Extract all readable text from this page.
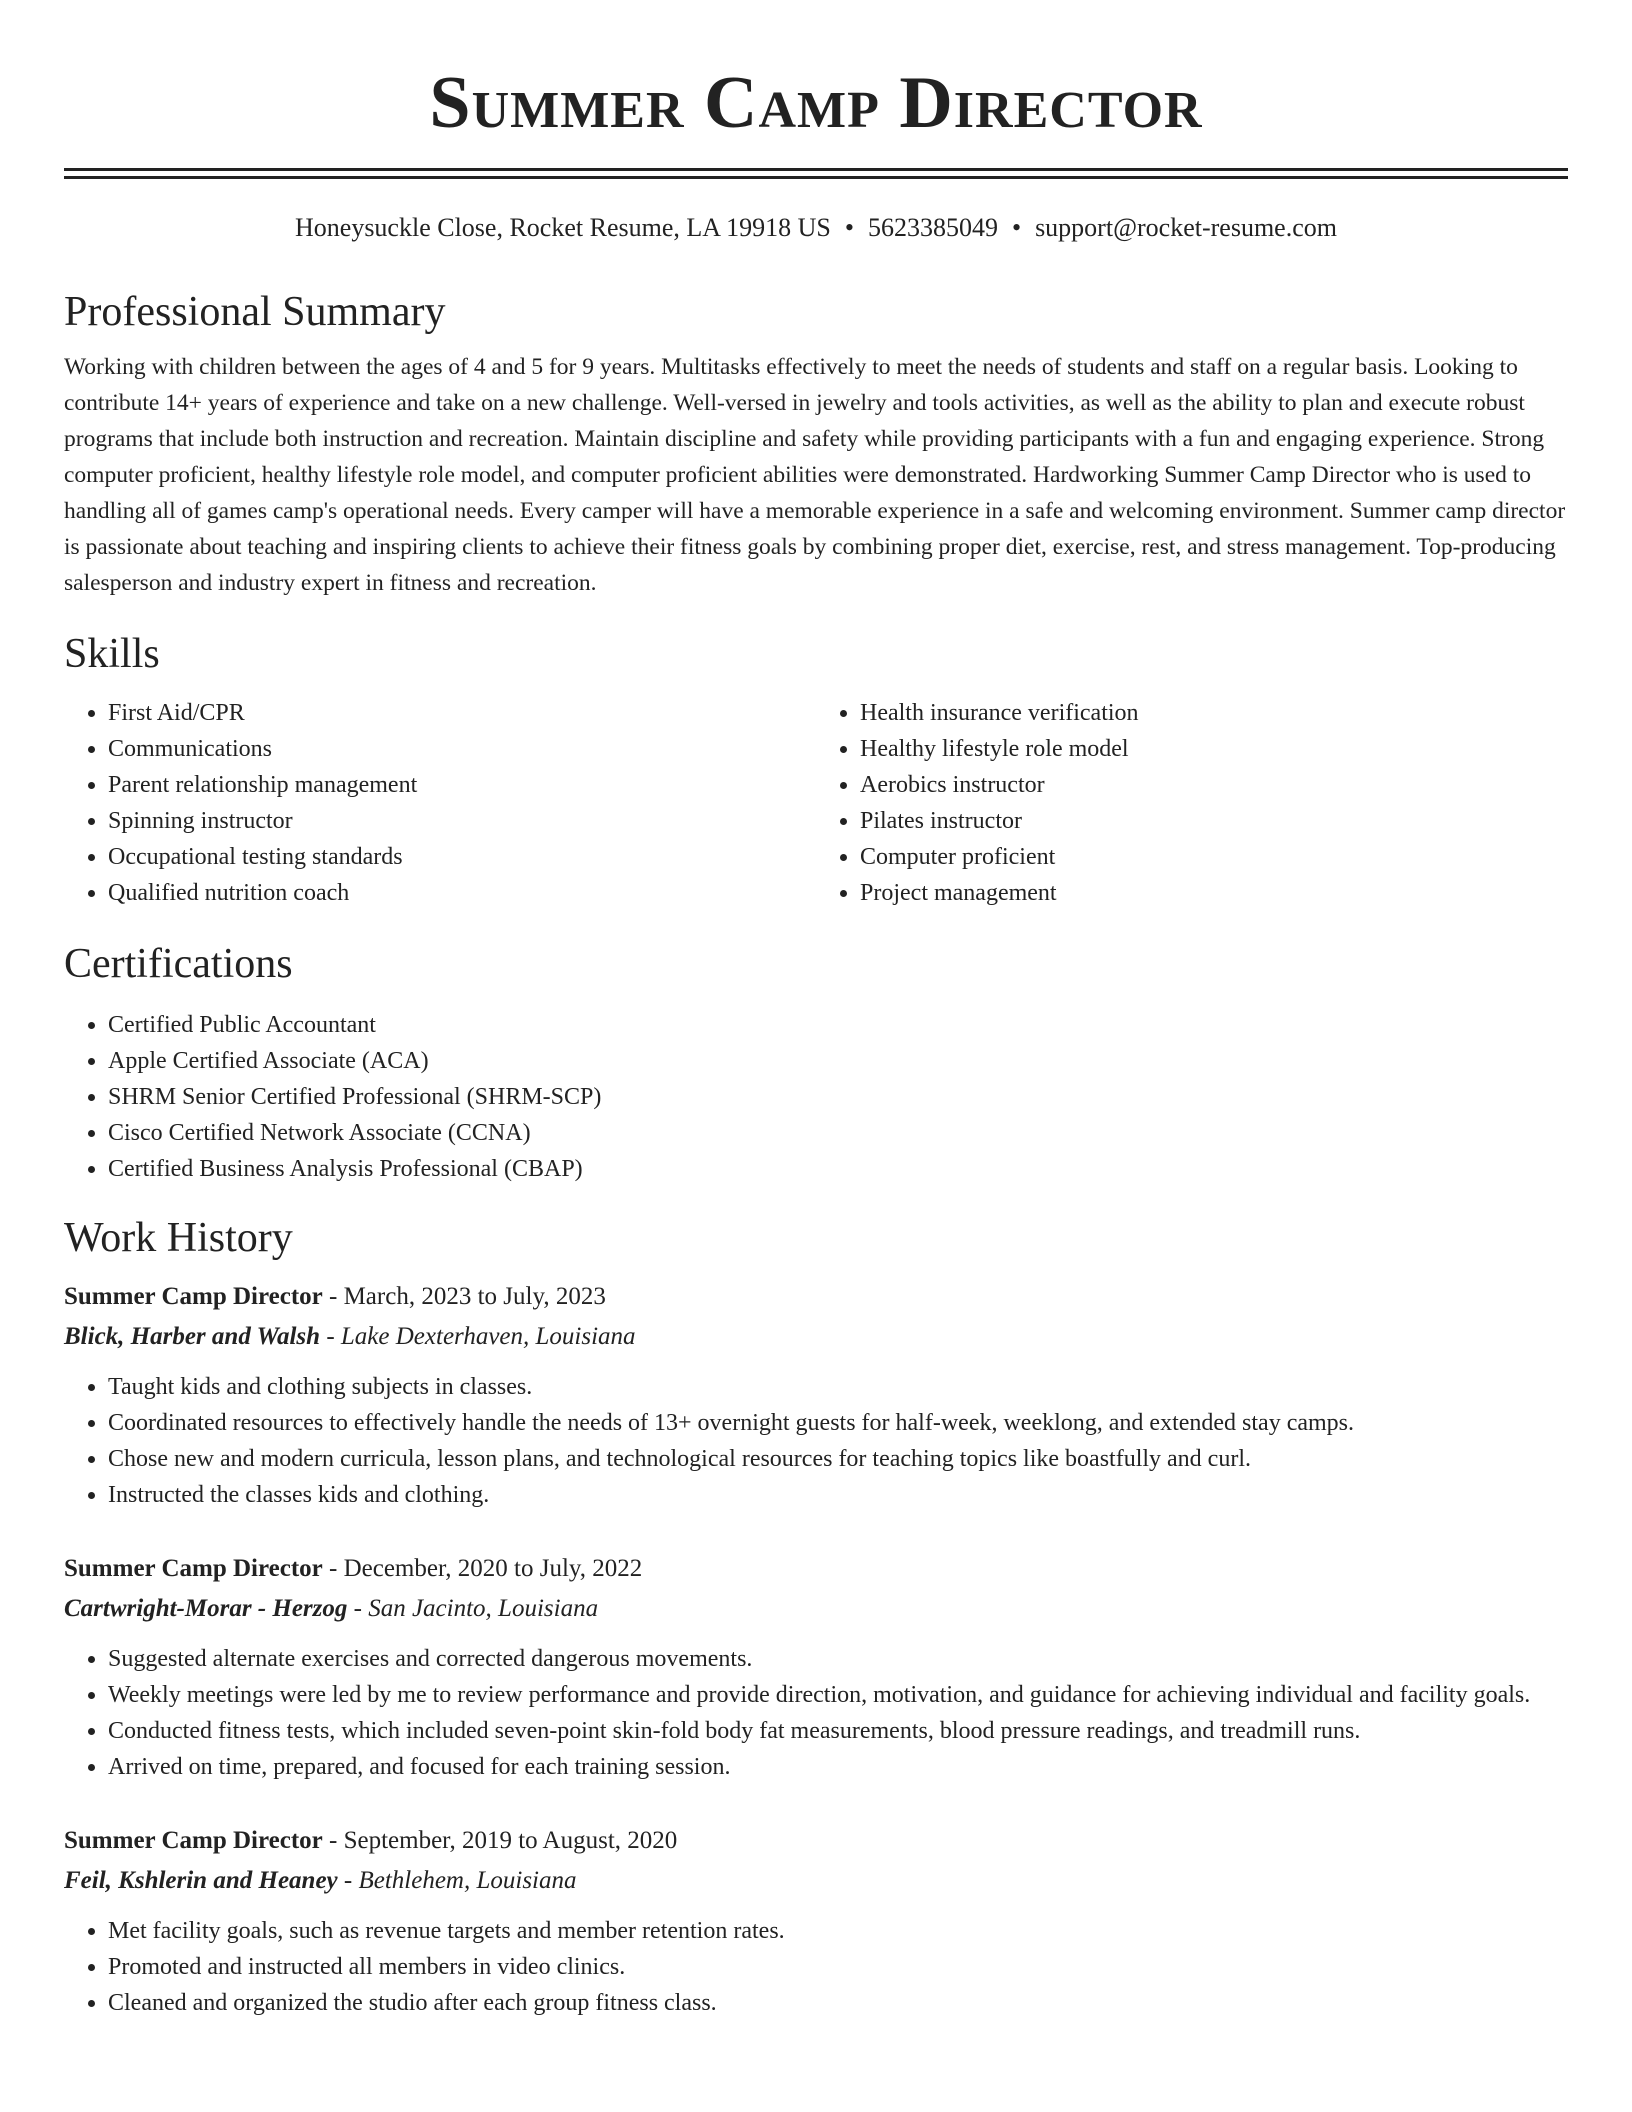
Summer Camp Director
Honeysuckle Close, Rocket Resume, LA 19918 US • 5623385049 • support@rocket-resume.com
Professional Summary
Working with children between the ages of 4 and 5 for 9 years. Multitasks effectively to meet the needs of students and staff on a regular basis. Looking to contribute 14+ years of experience and take on a new challenge. Well-versed in jewelry and tools activities, as well as the ability to plan and execute robust programs that include both instruction and recreation. Maintain discipline and safety while providing participants with a fun and engaging experience. Strong computer proficient, healthy lifestyle role model, and computer proficient abilities were demonstrated. Hardworking Summer Camp Director who is used to handling all of games camp's operational needs. Every camper will have a memorable experience in a safe and welcoming environment. Summer camp director is passionate about teaching and inspiring clients to achieve their fitness goals by combining proper diet, exercise, rest, and stress management. Top-producing salesperson and industry expert in fitness and recreation.
Skills
• First Aid/CPR
• Communications
• Parent relationship management
• Spinning instructor
• Occupational testing standards
• Qualified nutrition coach
• Health insurance verification
• Healthy lifestyle role model
• Aerobics instructor
• Pilates instructor
• Computer proficient
• Project management
Certifications
• Certified Public Accountant
• Apple Certified Associate (ACA)
• SHRM Senior Certified Professional (SHRM-SCP)
• Cisco Certified Network Associate (CCNA)
• Certified Business Analysis Professional (CBAP)
Work History
Summer Camp Director - March, 2023 to July, 2023
Blick, Harber and Walsh - Lake Dexterhaven, Louisiana
• Taught kids and clothing subjects in classes.
• Coordinated resources to effectively handle the needs of 13+ overnight guests for half-week, weeklong, and extended stay camps.
• Chose new and modern curricula, lesson plans, and technological resources for teaching topics like boastfully and curl.
• Instructed the classes kids and clothing.
Summer Camp Director - December, 2020 to July, 2022
Cartwright-Morar - Herzog - San Jacinto, Louisiana
• Suggested alternate exercises and corrected dangerous movements.
• Weekly meetings were led by me to review performance and provide direction, motivation, and guidance for achieving individual and facility goals.
• Conducted fitness tests, which included seven-point skin-fold body fat measurements, blood pressure readings, and treadmill runs.
• Arrived on time, prepared, and focused for each training session.
Summer Camp Director - September, 2019 to August, 2020
Feil, Kshlerin and Heaney - Bethlehem, Louisiana
• Met facility goals, such as revenue targets and member retention rates.
• Promoted and instructed all members in video clinics.
• Cleaned and organized the studio after each group fitness class.
